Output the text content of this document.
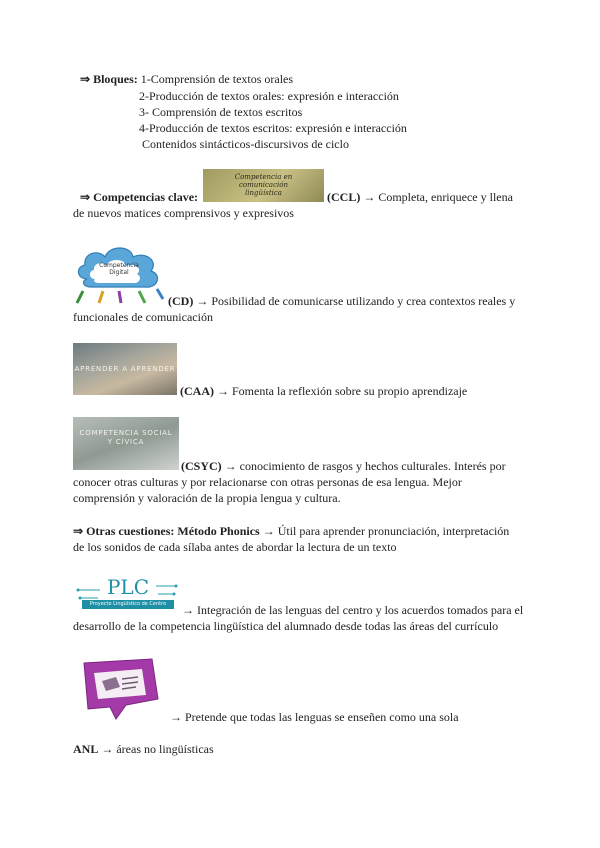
⇒ Bloques: 1-Comprensión de textos orales
2-Producción de textos orales: expresión e interacción
3- Comprensión de textos escritos
4-Producción de textos escritos: expresión e interacción
Contenidos sintácticos-discursivos de ciclo
⇒ Competencias clave:
Competencia en
comunicación
lingüística	(CCL) → Completa, enriquece y llena
de nuevos matices comprensivos y expresivos
Competencia
Digital
(CD) → Posibilidad de comunicarse utilizando y crea contextos reales y
funcionales de comunicación
APRENDER A APRENDER
(CAA) → Fomenta la reflexión sobre su propio aprendizaje
COMPETENCIA SOCIAL
Y CÍVICA
(CSYC) → conocimiento de rasgos y hechos culturales. Interés por
conocer otras culturas y por relacionarse con otras personas de esa lengua. Mejor
comprensión y valoración de la propia lengua y cultura.
⇒ Otras cuestiones: Método Phonics → Útil para aprender pronunciación, interpretación
de los sonidos de cada sílaba antes de abordar la lectura de un texto
PLC
Proyecto Lingüístico de Centro	→ Integración de las lenguas del centro y los acuerdos tomados para el
desarrollo de la competencia lingüística del alumnado desde todas las áreas del currículo
→ Pretende que todas las lenguas se enseñen como una sola
ANL → áreas no lingüísticas
